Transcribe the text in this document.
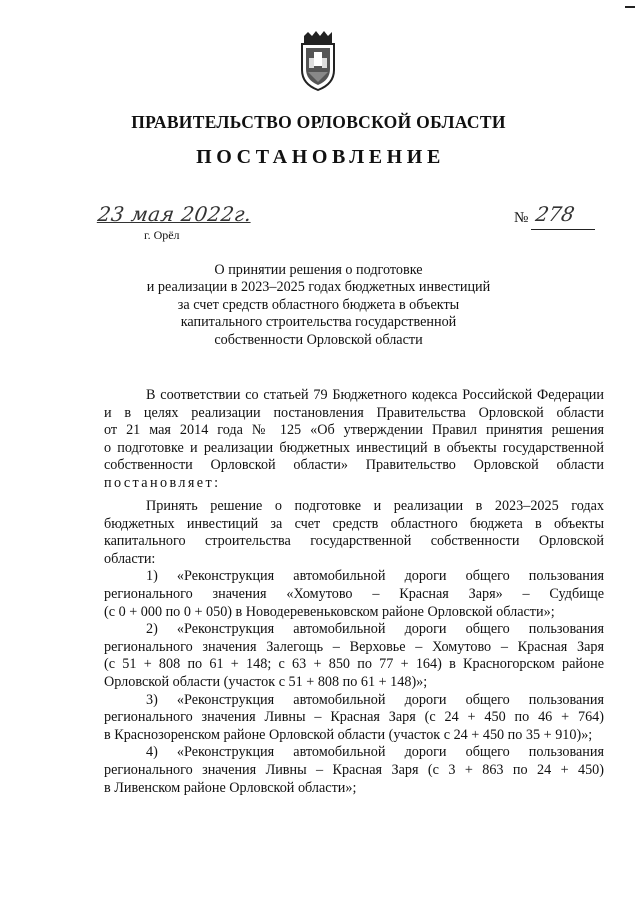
ПРАВИТЕЛЬСТВО ОРЛОВСКОЙ ОБЛАСТИ
ПОСТАНОВЛЕНИЕ
23 мая 2022г.
г. Орёл
№ 278
О принятии решения о подготовке
и реализации в 2023–2025 годах бюджетных инвестиций
за счет средств областного бюджета в объекты
капитального строительства государственной
собственности Орловской области
В соответствии со статьей 79 Бюджетного кодекса Российской Федерации
и в целях реализации постановления Правительства Орловской области
от 21 мая 2014 года № 125 «Об утверждении Правил принятия решения
о подготовке и реализации бюджетных инвестиций в объекты государственной
собственности Орловской области» Правительство Орловской области
постановляет:
Принять решение о подготовке и реализации в 2023–2025 годах
бюджетных инвестиций за счет средств областного бюджета в объекты
капитального строительства государственной собственности Орловской
области:
1) «Реконструкция автомобильной дороги общего пользования
регионального значения «Хомутово – Красная Заря» – Судбище
(с 0 + 000 по 0 + 050) в Новодеревеньковском районе Орловской области»;
2) «Реконструкция автомобильной дороги общего пользования
регионального значения Залегощь – Верховье – Хомутово – Красная Заря
(с 51 + 808 по 61 + 148; с 63 + 850 по 77 + 164) в Красногорском районе
Орловской области (участок с 51 + 808 по 61 + 148)»;
3) «Реконструкция автомобильной дороги общего пользования
регионального значения Ливны – Красная Заря (с 24 + 450 по 46 + 764)
в Краснозоренском районе Орловской области (участок с 24 + 450 по 35 + 910)»;
4) «Реконструкция автомобильной дороги общего пользования
регионального значения Ливны – Красная Заря (с 3 + 863 по 24 + 450)
в Ливенском районе Орловской области»;
